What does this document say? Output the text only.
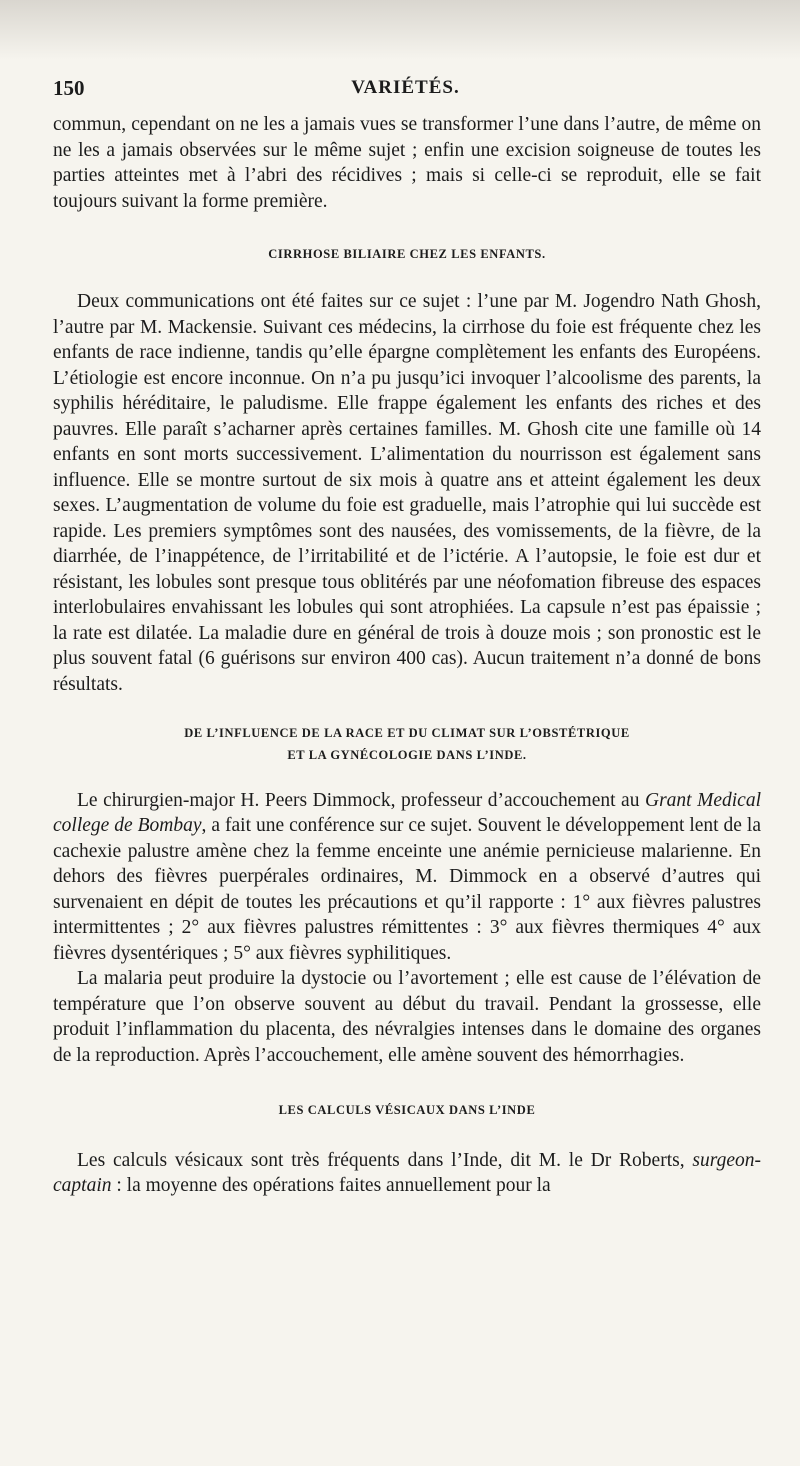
150	VARIÉTÉS.

commun, cependant on ne les a jamais vues se transformer l’une dans l’autre, de même on ne les a jamais observées sur le même sujet ; enfin une excision soigneuse de toutes les parties atteintes met à l’abri des récidives ; mais si celle-ci se reproduit, elle se fait toujours suivant la forme première.

CIRRHOSE BILIAIRE CHEZ LES ENFANTS.

Deux communications ont été faites sur ce sujet : l’une par M. Jogendro Nath Ghosh, l’autre par M. Mackensie. Suivant ces médecins, la cirrhose du foie est fréquente chez les enfants de race indienne, tandis qu’elle épargne complètement les enfants des Européens. L’étiologie est encore inconnue. On n’a pu jusqu’ici invoquer l’alcoolisme des parents, la syphilis héréditaire, le paludisme. Elle frappe également les enfants des riches et des pauvres. Elle paraît s’acharner après certaines familles. M. Ghosh cite une famille où 14 enfants en sont morts successivement. L’alimentation du nourrisson est également sans influence. Elle se montre surtout de six mois à quatre ans et atteint également les deux sexes. L’augmentation de volume du foie est graduelle, mais l’atrophie qui lui succède est rapide. Les premiers symptômes sont des nausées, des vomissements, de la fièvre, de la diarrhée, de l’inappétence, de l’irritabilité et de l’ictérie. A l’autopsie, le foie est dur et résistant, les lobules sont presque tous oblitérés par une néofomation fibreuse des espaces interlobulaires envahissant les lobules qui sont atrophiées. La capsule n’est pas épaissie ; la rate est dilatée. La maladie dure en général de trois à douze mois ; son pronostic est le plus souvent fatal (6 guérisons sur environ 400 cas). Aucun traitement n’a donné de bons résultats.

DE L’INFLUENCE DE LA RACE ET DU CLIMAT SUR L’OBSTÉTRIQUE
ET LA GYNÉCOLOGIE DANS L’INDE.

Le chirurgien-major H. Peers Dimmock, professeur d’accouchement au Grant Medical college de Bombay, a fait une conférence sur ce sujet. Souvent le développement lent de la cachexie palustre amène chez la femme enceinte une anémie pernicieuse malarienne. En dehors des fièvres puerpérales ordinaires, M. Dimmock en a observé d’autres qui survenaient en dépit de toutes les précautions et qu’il rapporte : 1° aux fièvres palustres intermittentes ; 2° aux fièvres palustres rémittentes : 3° aux fièvres thermiques 4° aux fièvres dysentériques ; 5° aux fièvres syphilitiques.

La malaria peut produire la dystocie ou l’avortement ; elle est cause de l’élévation de température que l’on observe souvent au début du travail. Pendant la grossesse, elle produit l’inflammation du placenta, des névralgies intenses dans le domaine des organes de la reproduction. Après l’accouchement, elle amène souvent des hémorrhagies.

LES CALCULS VÉSICAUX DANS L’INDE

Les calculs vésicaux sont très fréquents dans l’Inde, dit M. le Dr Roberts, surgeon-captain : la moyenne des opérations faites annuellement pour la
